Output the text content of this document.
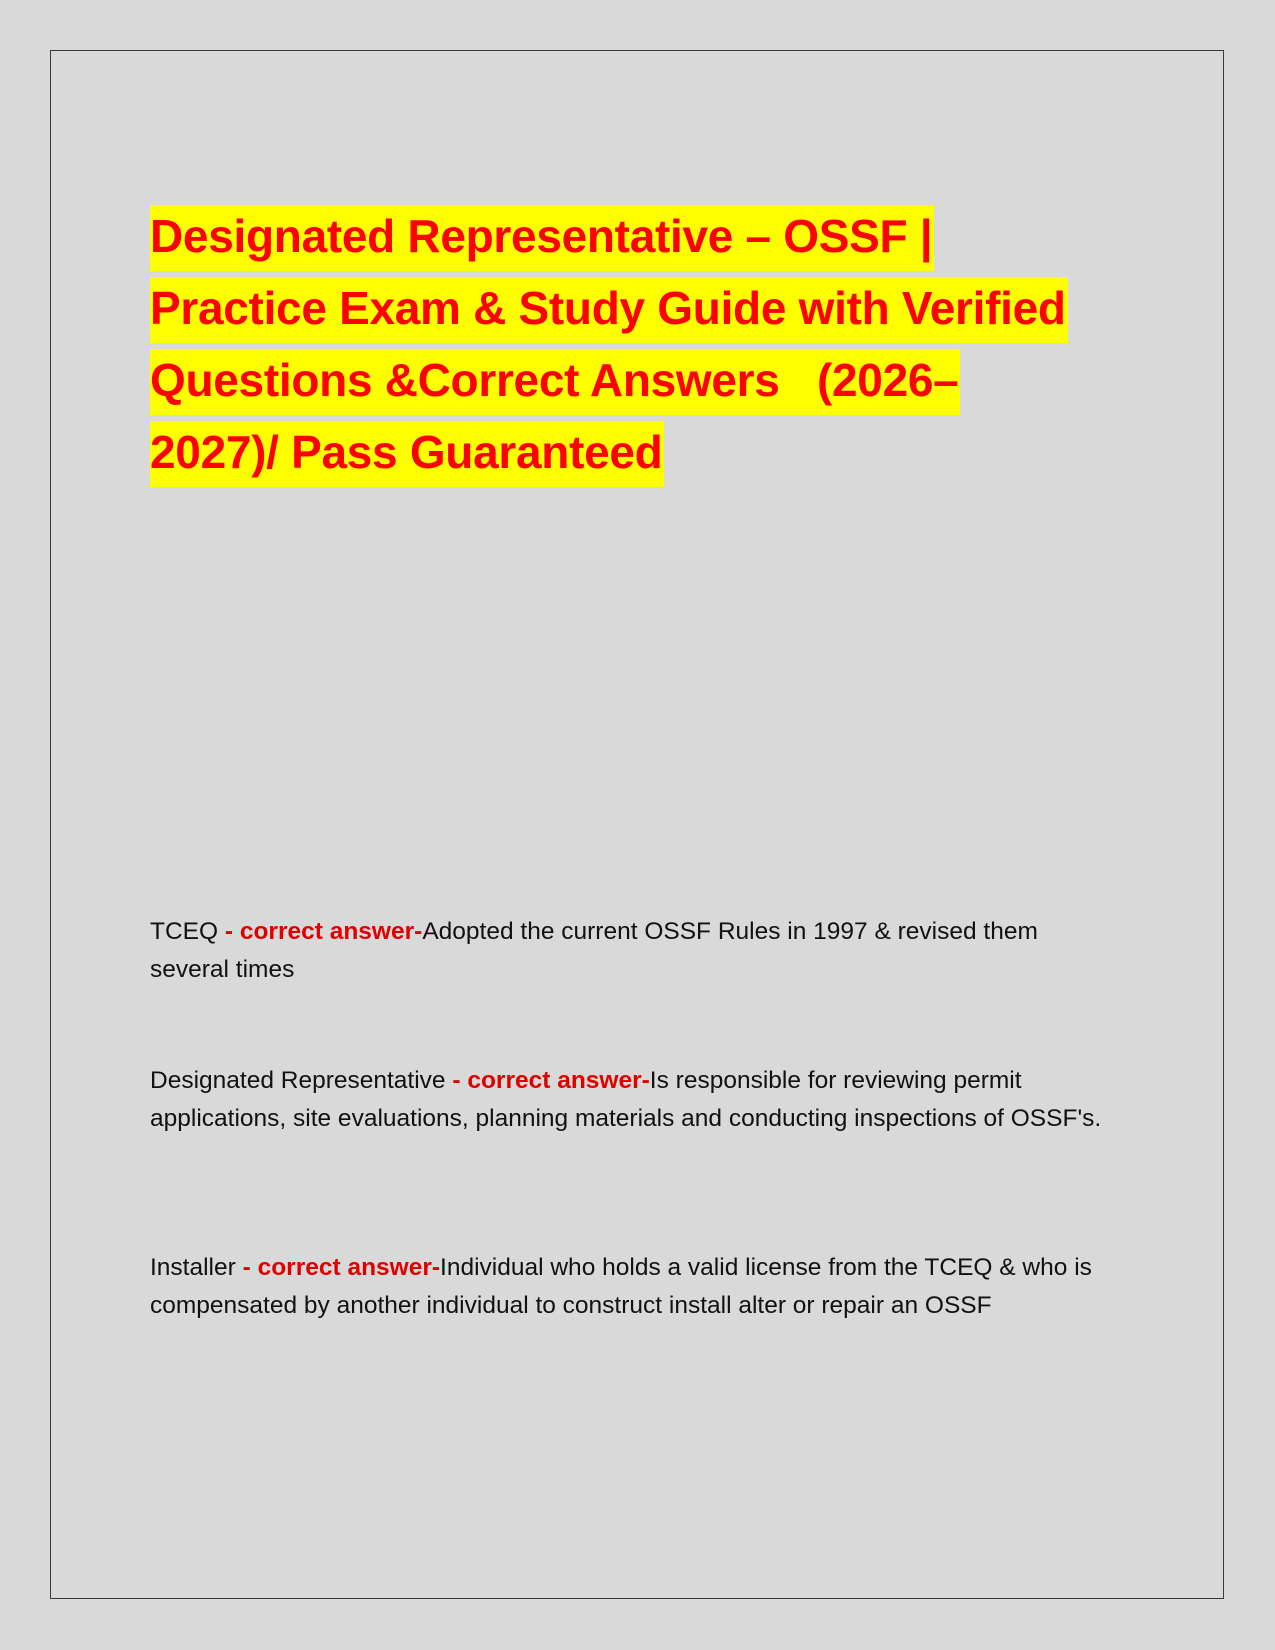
Designated Representative – OSSF |
Practice Exam & Study Guide with Verified
Questions &Correct Answers   (2026–
2027)/ Pass Guaranteed
TCEQ - correct answer-Adopted the current OSSF Rules in 1997 & revised them several times
Designated Representative - correct answer-Is responsible for reviewing permit applications, site evaluations, planning materials and conducting inspections of OSSF's.
Installer - correct answer-Individual who holds a valid license from the TCEQ & who is compensated by another individual to construct install alter or repair an OSSF
